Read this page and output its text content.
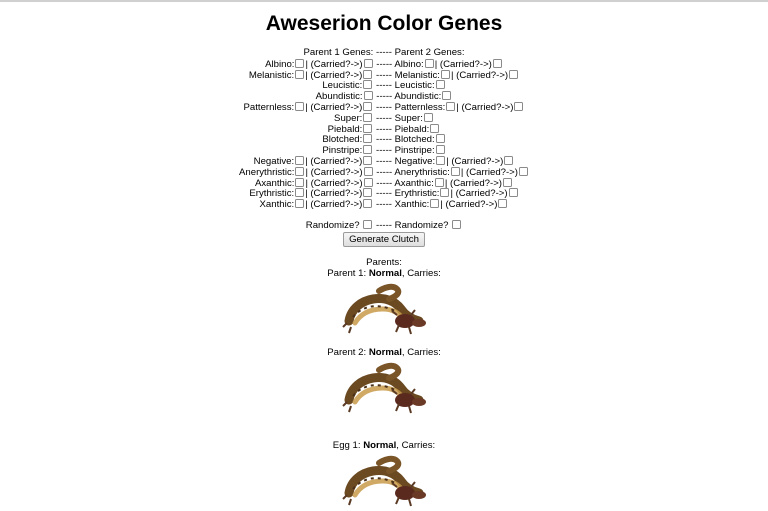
Aweserion Color Genes
Parent 1 Genes: ----- Parent 2 Genes:
Albino: | (Carried?->) ----- Albino: | (Carried?->)
Melanistic: | (Carried?->) ----- Melanistic: | (Carried?->)
Leucistic: ----- Leucistic:
Abundistic: ----- Abundistic:
Patternless: | (Carried?->) ----- Patternless: | (Carried?->)
Super: ----- Super:
Piebald: ----- Piebald:
Blotched: ----- Blotched:
Pinstripe: ----- Pinstripe:
Negative: | (Carried?->) ----- Negative: | (Carried?->)
Anerythristic: | (Carried?->) ----- Anerythristic: | (Carried?->)
Axanthic: | (Carried?->) ----- Axanthic: | (Carried?->)
Erythristic: | (Carried?->) ----- Erythristic: | (Carried?->)
Xanthic: | (Carried?->) ----- Xanthic: | (Carried?->)
Randomize? ----- Randomize?
Generate Clutch
Parents:
Parent 1: Normal, Carries:
Parent 2: Normal, Carries:
Egg 1: Normal, Carries:
